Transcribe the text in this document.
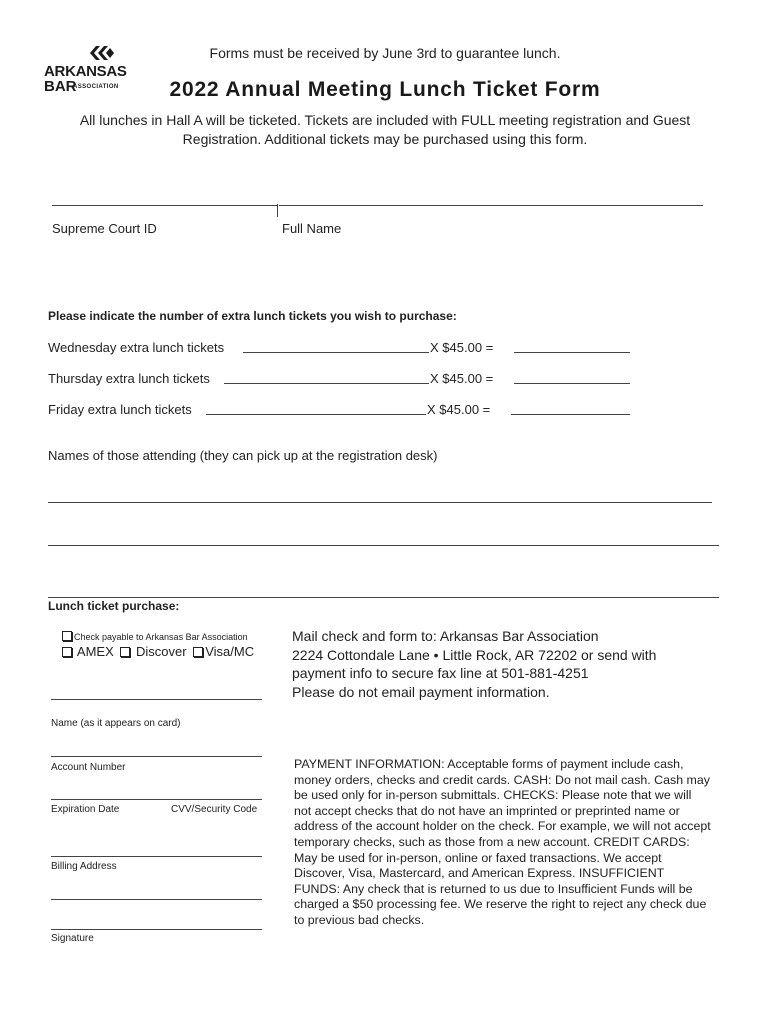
ARKANSAS
BAR
ASSOCIATION
Forms must be received by June 3rd to guarantee lunch.
2022 Annual Meeting Lunch Ticket Form
All lunches in Hall A will be ticketed. Tickets are included with FULL meeting registration and Guest Registration. Additional tickets may be purchased using this form.
Supreme Court ID	Full Name
Please indicate the number of extra lunch tickets you wish to purchase:
Wednesday extra lunch tickets	X $45.00 =
Thursday extra lunch tickets	X $45.00 =
Friday extra lunch tickets	X $45.00 =
Names of those attending (they can pick up at the registration desk)
Lunch ticket purchase:
Check payable to Arkansas Bar Association
AMEX Discover Visa/MC
Name (as it appears on card)
Account Number
Expiration Date	CVV/Security Code
Billing Address
Signature
Mail check and form to: Arkansas Bar Association
2224 Cottondale Lane • Little Rock, AR 72202 or send with
payment info to secure fax line at 501-881-4251
Please do not email payment information.
PAYMENT INFORMATION: Acceptable forms of payment include cash, money orders, checks and credit cards. CASH: Do not mail cash. Cash may be used only for in-person submittals. CHECKS: Please note that we will not accept checks that do not have an imprinted or preprinted name or address of the account holder on the check. For example, we will not accept temporary checks, such as those from a new account. CREDIT CARDS: May be used for in-person, online or faxed transactions. We accept Discover, Visa, Mastercard, and American Express. INSUFFICIENT FUNDS: Any check that is returned to us due to Insufficient Funds will be charged a $50 processing fee. We reserve the right to reject any check due to previous bad checks.
